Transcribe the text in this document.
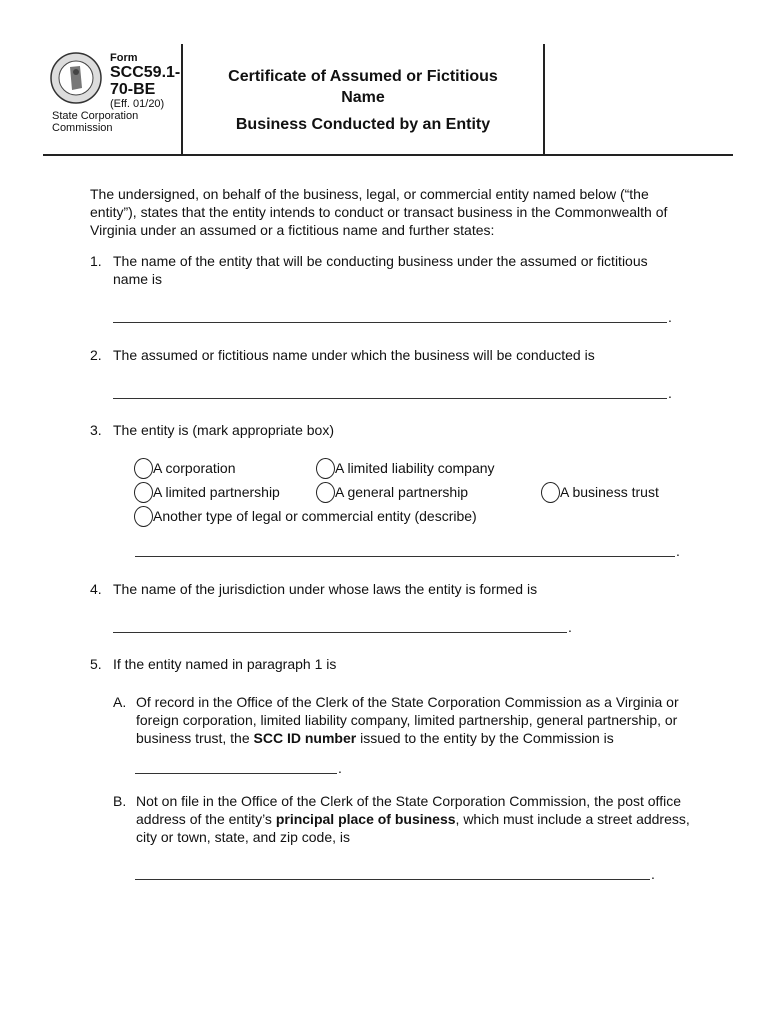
Form
SCC59.1-
70-BE
(Eff. 01/20)
State Corporation
Commission
Certificate of Assumed or Fictitious
Name
Business Conducted by an Entity
The undersigned, on behalf of the business, legal, or commercial entity named below (“the
entity”), states that the entity intends to conduct or transact business in the Commonwealth of
Virginia under an assumed or a fictitious name and further states:
1. The name of the entity that will be conducting business under the assumed or fictitious
name is
.
2. The assumed or fictitious name under which the business will be conducted is
.
3. The entity is (mark appropriate box)
A corporation	A limited liability company
A limited partnership	A general partnership	A business trust
Another type of legal or commercial entity (describe)
.
4. The name of the jurisdiction under whose laws the entity is formed is
.
5. If the entity named in paragraph 1 is
A. Of record in the Office of the Clerk of the State Corporation Commission as a Virginia or
foreign corporation, limited liability company, limited partnership, general partnership, or
business trust, the SCC ID number issued to the entity by the Commission is
.
B. Not on file in the Office of the Clerk of the State Corporation Commission, the post office
address of the entity’s principal place of business, which must include a street address,
city or town, state, and zip code, is
.
